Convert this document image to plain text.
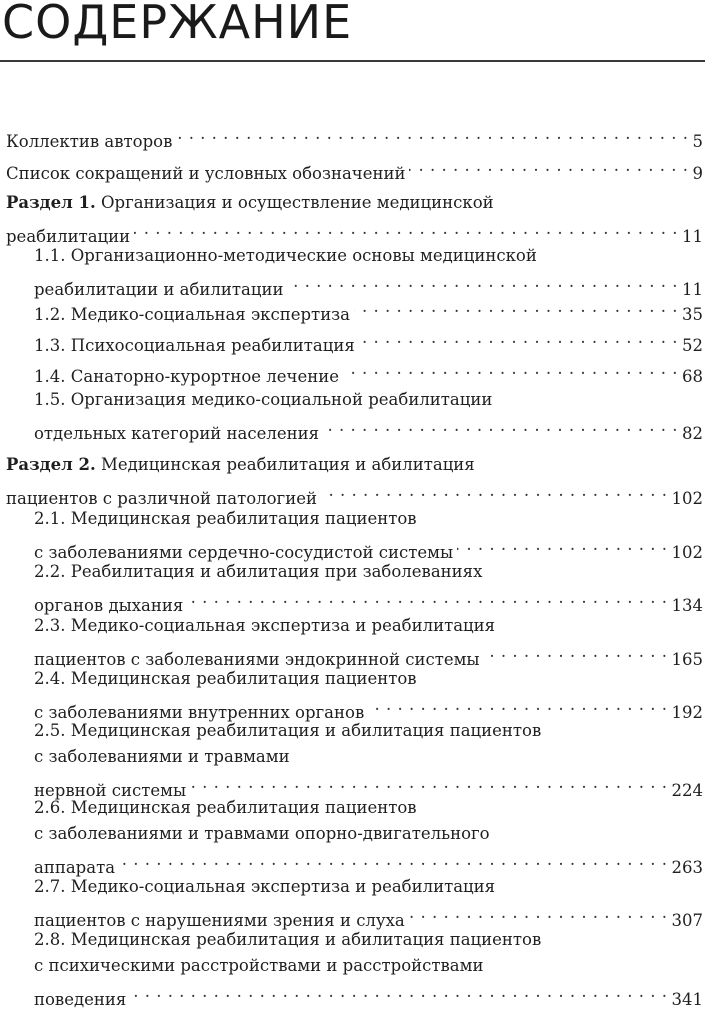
СОДЕРЖАНИЕ
Коллектив авторов . . .	5
Список сокращений и условных обозначений . . .	9
Раздел 1. Организация и осуществление медицинской
реабилитации . . .	11
1.1. Организационно-методические основы медицинской
реабилитации и абилитации . . .	11
1.2. Медико-социальная экспертиза . . .	35
1.3. Психосоциальная реабилитация . . .	52
1.4. Санаторно-курортное лечение . . .	68
1.5. Организация медико-социальной реабилитации
отдельных категорий населения . . .	82
Раздел 2. Медицинская реабилитация и абилитация
пациентов с различной патологией . . .	102
2.1. Медицинская реабилитация пациентов
с заболеваниями сердечно-сосудистой системы . . .	102
2.2. Реабилитация и абилитация при заболеваниях
органов дыхания . . .	134
2.3. Медико-социальная экспертиза и реабилитация
пациентов с заболеваниями эндокринной системы . . .	165
2.4. Медицинская реабилитация пациентов
с заболеваниями внутренних органов . . .	192
2.5. Медицинская реабилитация и абилитация пациентов
с заболеваниями и травмами
нервной системы . . .	224
2.6. Медицинская реабилитация пациентов
с заболеваниями и травмами опорно-двигательного
аппарата . . .	263
2.7. Медико-социальная экспертиза и реабилитация
пациентов с нарушениями зрения и слуха . . .	307
2.8. Медицинская реабилитация и абилитация пациентов
с психическими расстройствами и расстройствами
поведения . . .	341
